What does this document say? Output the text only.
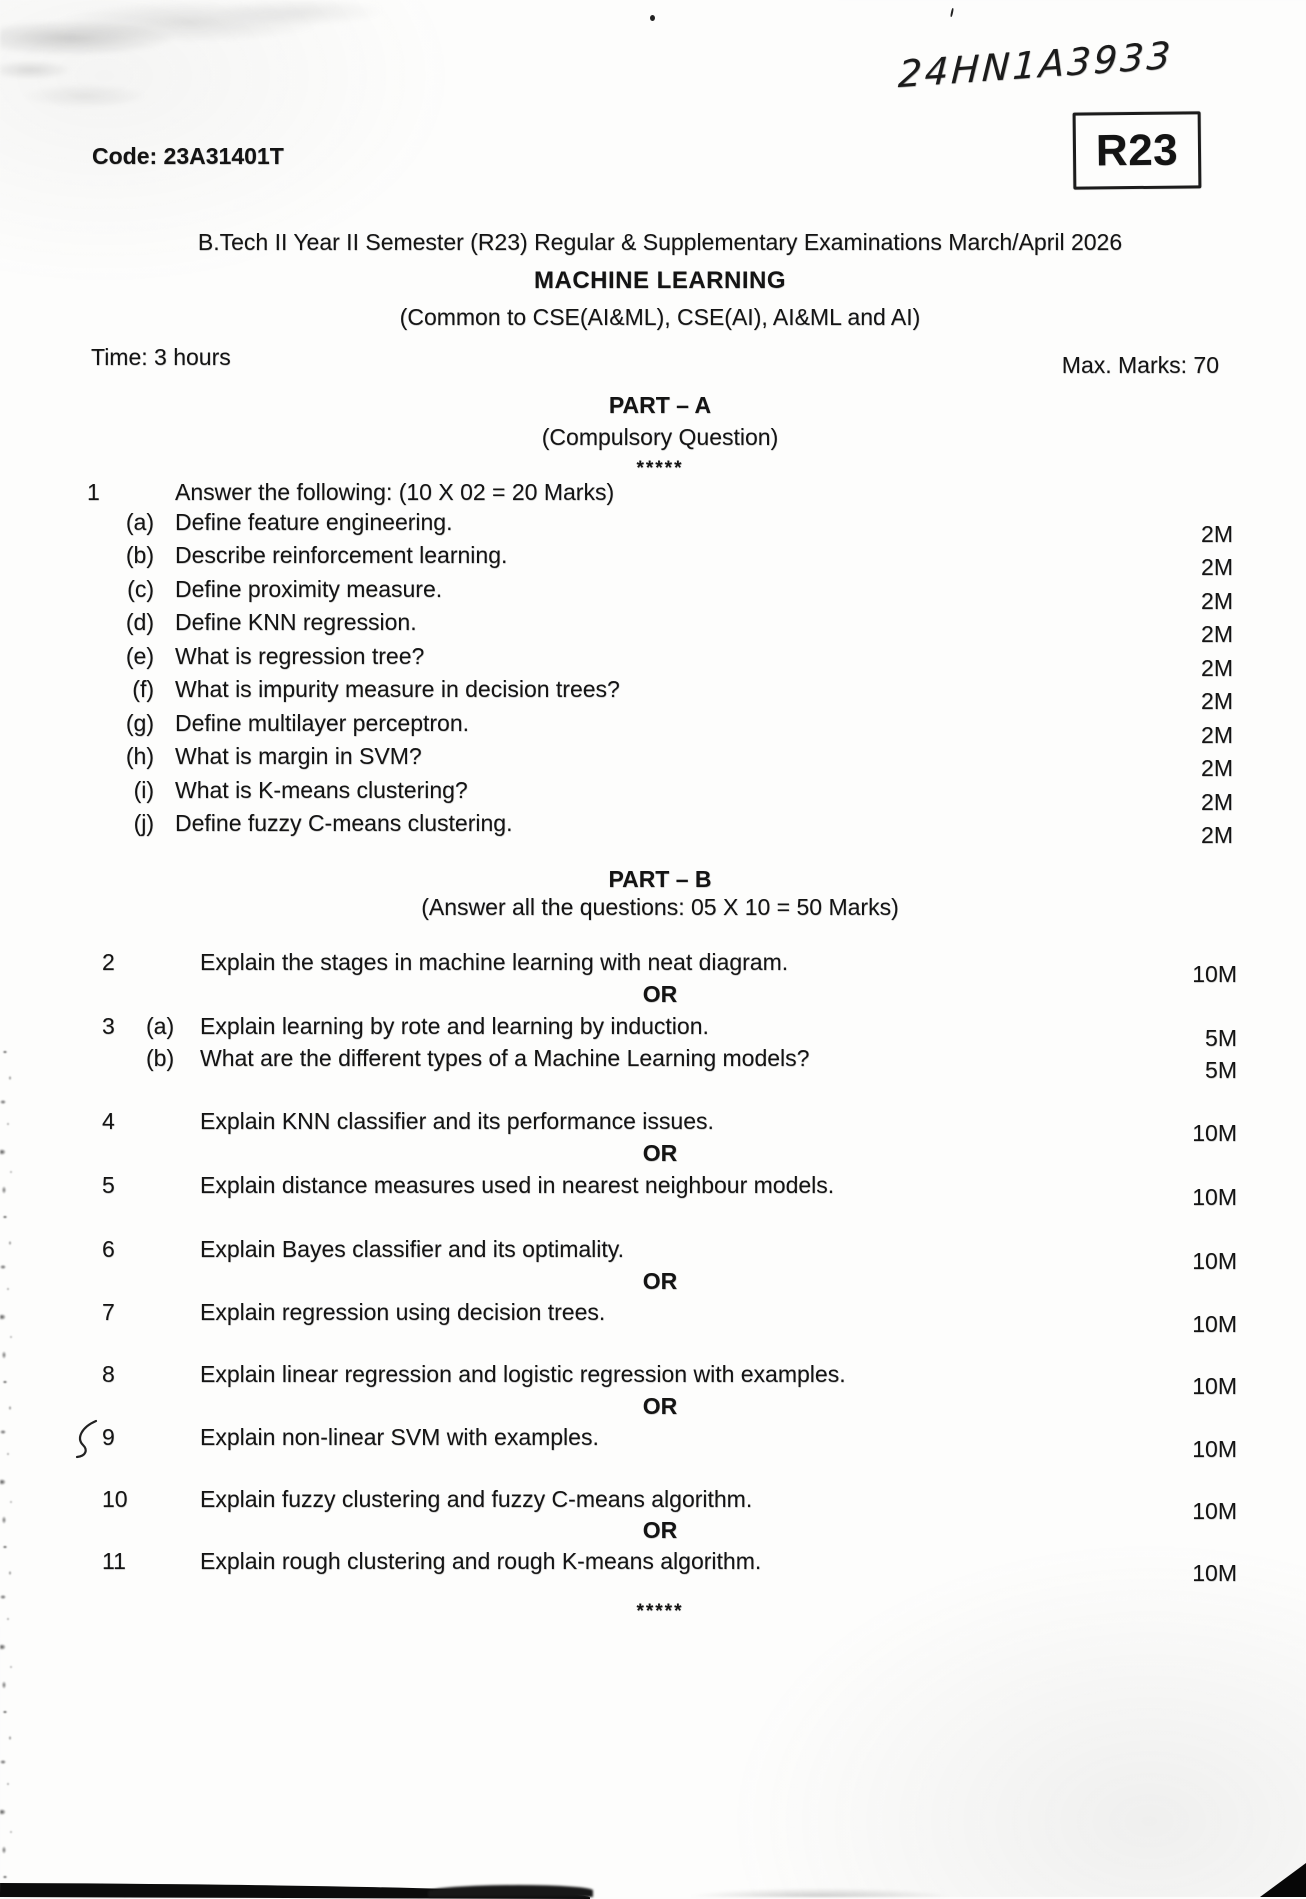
24HN1A3933
Code: 23A31401T	R23
B.Tech II Year II Semester (R23) Regular & Supplementary Examinations March/April 2026
MACHINE LEARNING
(Common to CSE(AI&ML), CSE(AI), AI&ML and AI)
Time: 3 hours	Max. Marks: 70
PART – A
(Compulsory Question)
*****
1	Answer the following: (10 X 02 = 20 Marks)
(a) Define feature engineering.	2M
(b) Describe reinforcement learning.	2M
(c) Define proximity measure.	2M
(d) Define KNN regression.	2M
(e) What is regression tree?	2M
(f) What is impurity measure in decision trees?	2M
(g) Define multilayer perceptron.	2M
(h) What is margin in SVM?	2M
(i) What is K-means clustering?	2M
(j) Define fuzzy C-means clustering.	2M
PART – B
(Answer all the questions: 05 X 10 = 50 Marks)
2	Explain the stages in machine learning with neat diagram.	10M
OR
3 (a) Explain learning by rote and learning by induction.	5M
(b) What are the different types of a Machine Learning models?	5M
4	Explain KNN classifier and its performance issues.	10M
OR
5	Explain distance measures used in nearest neighbour models.	10M
6	Explain Bayes classifier and its optimality.	10M
OR
7	Explain regression using decision trees.	10M
8	Explain linear regression and logistic regression with examples.	10M
OR
9	Explain non-linear SVM with examples.	10M
10	Explain fuzzy clustering and fuzzy C-means algorithm.	10M
OR
11	Explain rough clustering and rough K-means algorithm.	10M
*****
